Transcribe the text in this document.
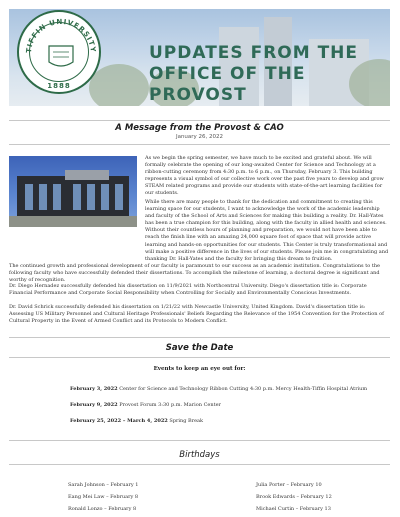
TIFFIN UNIVERSITY
1888
UPDATES FROM THE
OFFICE OF THE PROVOST
A Message from the Provost & CAO
January 26, 2022

As we begin the spring semester, we have much to be excited and grateful about. We will formally celebrate the opening of our long-awaited Center for Science and Technology at a ribbon-cutting ceremony from 4:30 p.m. to 6 p.m., on Thursday, February 3. This building represents a visual symbol of our collective work over the past five years to develop and grow STEAM related programs and provide our students with state-of-the-art learning facilities for our students.

While there are many people to thank for the dedication and commitment to creating this learning space for our students, I want to acknowledge the work of the academic leadership and faculty of the School of Arts and Sciences for making this building a reality. Dr. Hall-Yates has been a true champion for this building, along with the faculty in allied health and sciences. Without their countless hours of planning and preparation, we would not have been able to reach the finish line with an amazing 24,000 square foot of space that will provide active learning and hands-on opportunities for our students. This Center is truly transformational and will make a positive difference in the lives of our students. Please join me in congratulating and thanking Dr. Hall-Yates and the faculty for bringing this dream to fruition.

The continued growth and professional development of our faculty is paramount to our success as an academic institution. Congratulations to the following faculty who have successfully defended their dissertations. To accomplish the milestone of learning, a doctoral degree is significant and worthy of recognition.

Dr. Diego Hernadez successfully defended his dissertation on 11/9/2021 with Northcentral University. Diego's dissertation title is: Corporate Financial Performance and Corporate Social Responsibility when Controlling for Socially and Environmentally Conscious Investments.

Dr. David Schrick successfully defended his dissertation on 1/21/22 with Newcastle University, United Kingdom. David's dissertation title is: Assessing US Military Personnel and Cultural Heritage Professionals' Beliefs Regarding the Relevance of the 1954 Convention for the Protection of Cultural Property in the Event of Armed Conflict and its Protocols to Modern Conflict.

Save the Date
Events to keep an eye out for:
February 3, 2022 Center for Science and Technology Ribbon Cutting 4:30 p.m. Mercy Health-Tiffin Hospital Atrium
February 9, 2022 Provost Forum 3:30 p.m. Marion Center
February 25, 2022 – March 4, 2022 Spring Break
Birthdays
Sarah Johnson – February 1
Eang Mei Law – February 8
Ronald Lonzo – February 8
Julia Porter – February 10
Brook Edwards – February 12
Michael Curtin – February 13
